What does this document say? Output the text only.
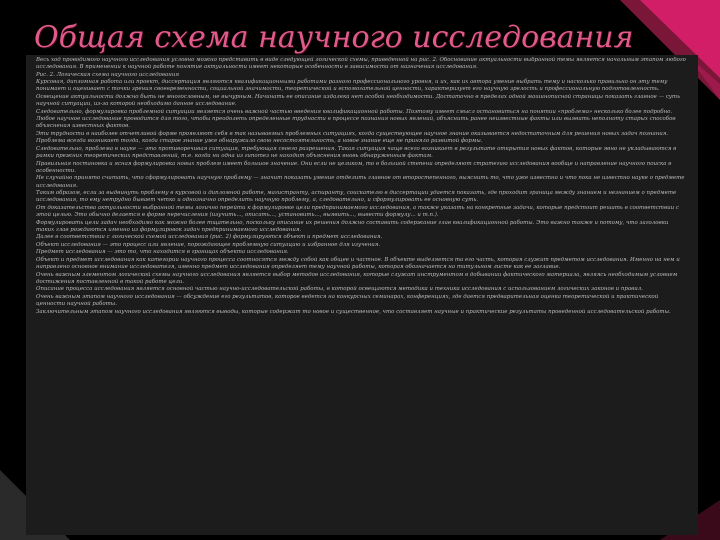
Общая схема научного исследования

Весь ход проводимого научного исследования условно можно представить в виде следующей логической схемы, приведенной на рис. 2. Обоснование актуальности выбранной темы является начальным этапом любого исследования. В применении к научной работе понятие актуальности имеет некоторые особенности в зависимости от назначения исследования.

Рис. 2. Логическая схема научного исследования

Курсовая, дипломная работа или проект, диссертация являются квалификационными работами разного профессионального уровня, и их, как их автора умение выбрать тему и насколько правильно он эту тему понимает и оценивает с точки зрения своевременности, социальной значимости, теоретической и вспомогательной ценности, характеризует его научную зрелость и профессиональную подготовленность.

Освещение актуальности должно быть не многословным, не вычурным. Начинать ее описание издалека нет особой необходимости. Достаточно в пределах одной машинописной страницы показать главное — суть научной ситуации, из-за которой необходимо данное исследование.

Следовательно, формулировка проблемной ситуации является очень важной частью введения квалификационной работы. Поэтому имеет смысл остановиться на понятии «проблема» несколько более подробно.

Любое научное исследование проводится для того, чтобы преодолеть определенные трудности в процессе познания новых явлений, объяснить ранее неизвестные факты или выявить неполноту старых способов объяснения известных фактов.

Эти трудности в наиболее отчетливой форме проявляют себя в так называемых проблемных ситуациях, когда существующее научное знание оказывается недостаточным для решения новых задач познания.

Проблема всегда возникает тогда, когда старое знание уже обнаружило свою несостоятельность, а новое знание еще не приняло развитой формы.

Следовательно, проблема в науке — это противоречивая ситуация, требующая своего разрешения. Такая ситуация чаще всего возникает в результате открытия новых фактов, которые явно не укладываются в рамки прежних теоретических представлений, т.е. когда ни одна из гипотез не находит объяснения вновь обнаруженным фактам.

Правильная постановка и ясная формулировка новых проблем имеет большое значение. Они если не целиком, то в большой степени определяют стратегию исследования вообще и направление научного поиска в особенности.

Не случайно принято считать, что сформулировать научную проблему — значит показать умение отделить главное от второстепенного, выяснить то, что уже известно и что пока не известно науке о предмете исследования.

Таким образом, если за выдвинуть проблему в курсовой и дипломной работе, магистранту, аспиранту, соискателю в диссертации удается показать, где проходит граница между знанием и незнанием о предмете исследования, то ему нетрудно бывает четко и однозначно определить научную проблему, а, следовательно, и сформулировать ее основную суть.

От доказательства актуальности выбранной темы логично перейти к формулировке цели предпринимаемого исследования, а также указать на конкретные задачи, которые предстоит решать в соответствии с этой целью. Это обычно делается в форме перечисления (изучить..., описать..., установить..., выявить..., вывести формулу... и т.п.).

Формулировать цели задач необходимо как можно более тщательно, поскольку описание их решения должно составить содержание глав квалификационной работы. Это важно также и потому, что заголовки таких глав рождаются именно из формулировок задач предпринимаемого исследования.

Далее в соответствии с логической схемой исследования (рис. 2) формулируются объект и предмет исследования.

Объект исследования — это процесс или явление, порождающее проблемную ситуацию и избранное для изучения.

Предмет исследования — это то, что находится в границах объекта исследования.

Объект и предмет исследования как категории научного процесса соотносятся между собой как общее и частное. В объекте выделяется та его часть, которая служит предметом исследования. Именно на нем и направлено основное внимание исследователя, именно предмет исследования определяет тему научной работы, которая обозначается на титульном листе как ее заглавие.

Очень важным элементом логической схемы научного исследования является выбор методов исследования, которые служат инструментом в добывании фактического материала, являясь необходимым условием достижения поставленной в такой работе цели.

Описание процесса исследования является основной частью научно-исследовательской работы, в которой освещаются методика и техника исследования с использованием логических законов и правил.

Очень важным этапом научного исследования — обсуждение его результатов, которое ведется на конкурсных семинарах, конференциях, где дается предварительная оценка теоретической и практической ценности научной работы.

Заключительным этапом научного исследования являются выводы, которые содержат то новое и существенное, что составляет научные и практические результаты проведенной исследовательской работы.
